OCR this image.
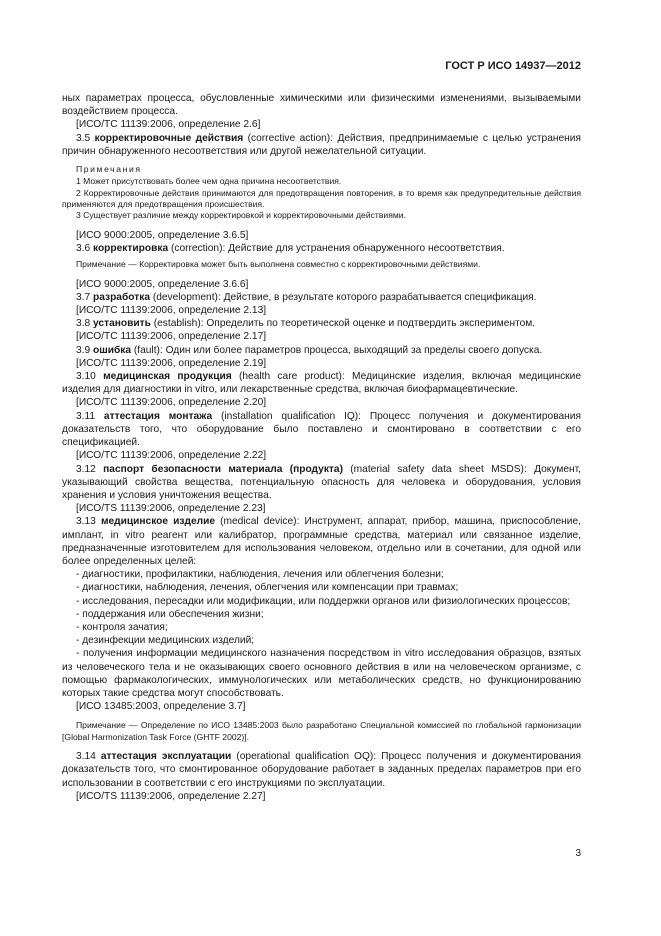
ГОСТ Р ИСО 14937—2012
ных параметрах процесса, обусловленные химическими или физическими изменениями, вызываемыми воздействием процесса.
[ИСО/ТС 11139:2006, определение 2.6]
3.5 корректировочные действия (corrective action): Действия, предпринимаемые с целью устранения причин обнаруженного несоответствия или другой нежелательной ситуации.
Примечания
1 Может присутствовать более чем одна причина несоответствия.
2 Корректировочные действия принимаются для предотвращения повторения, в то время как предупредительные действия применяются для предотвращения происшествия.
3 Существует различие между корректировкой и корректировочными действиями.
[ИСО 9000:2005, определение 3.6.5]
3.6 корректировка (correction): Действие для устранения обнаруженного несоответствия.
Примечание — Корректировка может быть выполнена совместно с корректировочными действиями.
[ИСО 9000:2005, определение 3.6.6]
3.7 разработка (development): Действие, в результате которого разрабатывается спецификация.
[ИСО/ТС 11139:2006, определение 2.13]
3.8 установить (establish): Определить по теоретической оценке и подтвердить экспериментом.
[ИСО/ТС 11139:2006, определение 2.17]
3.9 ошибка (fault): Один или более параметров процесса, выходящий за пределы своего допуска.
[ИСО/ТС 11139:2006, определение 2.19]
3.10 медицинская продукция (health care product): Медицинские изделия, включая медицинские изделия для диагностики in vitro, или лекарственные средства, включая биофармацевтические.
[ИСО/ТС 11139:2006, определение 2.20]
3.11 аттестация монтажа (installation qualification IQ): Процесс получения и документирования доказательств того, что оборудование было поставлено и смонтировано в соответствии с его спецификацией.
[ИСО/ТС 11139:2006, определение 2.22]
3.12 паспорт безопасности материала (продукта) (material safety data sheet MSDS): Документ, указывающий свойства вещества, потенциальную опасность для человека и оборудования, условия хранения и условия уничтожения вещества.
[ИСО/TS 11139:2006, определение 2.23]
3.13 медицинское изделие (medical device): Инструмент, аппарат, прибор, машина, приспособление, имплант, in vitro реагент или калибратор, программные средства, материал или связанное изделие, предназначенные изготовителем для использования человеком, отдельно или в сочетании, для одной или более определенных целей:
- диагностики, профилактики, наблюдения, лечения или облегчения болезни;
- диагностики, наблюдения, лечения, облегчения или компенсации при травмах;
- исследования, пересадки или модификации, или поддержки органов или физиологических процессов;
- поддержания или обеспечения жизни;
- контроля зачатия;
- дезинфекции медицинских изделий;
- получения информации медицинского назначения посредством in vitro исследования образцов, взятых из человеческого тела и не оказывающих своего основного действия в или на человеческом организме, с помощью фармакологических, иммунологических или метаболических средств, но функционированию которых такие средства могут способствовать.
[ИСО 13485:2003, определение 3.7]
Примечание — Определение по ИСО 13485:2003 было разработано Специальной комиссией по глобальной гармонизации [Global Harmonization Task Force (GHTF 2002)].
3.14 аттестация эксплуатации (operational qualification OQ): Процесс получения и документирования доказательств того, что смонтированное оборудование работает в заданных пределах параметров при его использовании в соответствии с его инструкциями по эксплуатации.
[ИСО/TS 11139:2006, определение 2.27]
3
